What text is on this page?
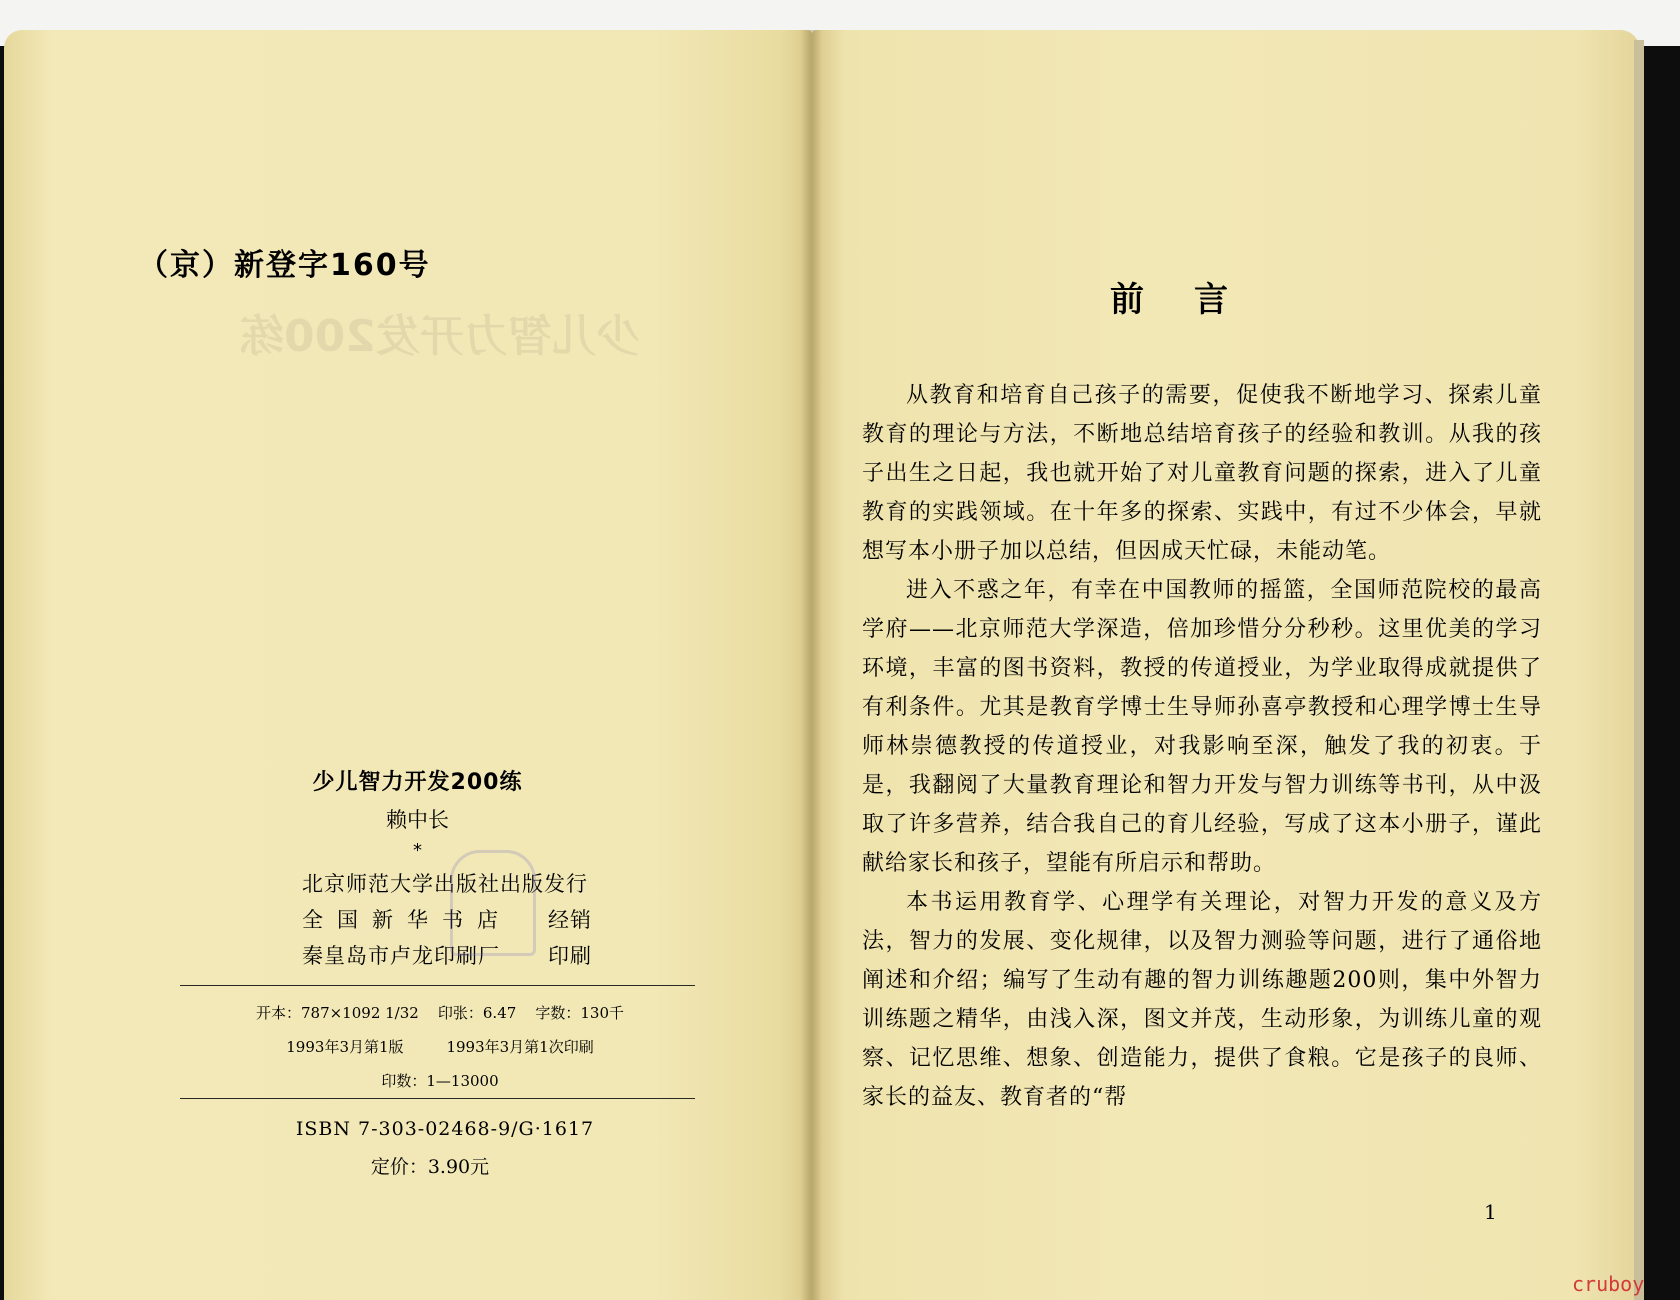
（京）新登字160号
少儿智力开发200练
少儿智力开发200练
赖中长
*
北京师范大学出版社出版发行
全国新华书店 经销
秦皇岛市卢龙印刷厂 印刷
开本：787×1092 1/32 印张：6.47 字数：130千
1993年3月第1版	1993年3月第1次印刷
印数：1—13000
ISBN 7-303-02468-9/G·1617
定价：3.90元
前言

从教育和培育自己孩子的需要，促使我不断地学习、探索儿童教育的理论与方法，不断地总结培育孩子的经验和教训。从我的孩子出生之日起，我也就开始了对儿童教育问题的探索，进入了儿童教育的实践领域。在十年多的探索、实践中，有过不少体会，早就想写本小册子加以总结，但因成天忙碌，未能动笔。

进入不惑之年，有幸在中国教师的摇篮，全国师范院校的最高学府——北京师范大学深造，倍加珍惜分分秒秒。这里优美的学习环境，丰富的图书资料，教授的传道授业，为学业取得成就提供了有利条件。尤其是教育学博士生导师孙喜亭教授和心理学博士生导师林崇德教授的传道授业，对我影响至深，触发了我的初衷。于是，我翻阅了大量教育理论和智力开发与智力训练等书刊，从中汲取了许多营养，结合我自己的育儿经验，写成了这本小册子，谨此献给家长和孩子，望能有所启示和帮助。

本书运用教育学、心理学有关理论，对智力开发的意义及方法，智力的发展、变化规律，以及智力测验等问题，进行了通俗地阐述和介绍；编写了生动有趣的智力训练趣题200则，集中外智力训练题之精华，由浅入深，图文并茂，生动形象，为训练儿童的观察、记忆思维、想象、创造能力，提供了食粮。它是孩子的良师、家长的益友、教育者的“帮

1
cruboy
